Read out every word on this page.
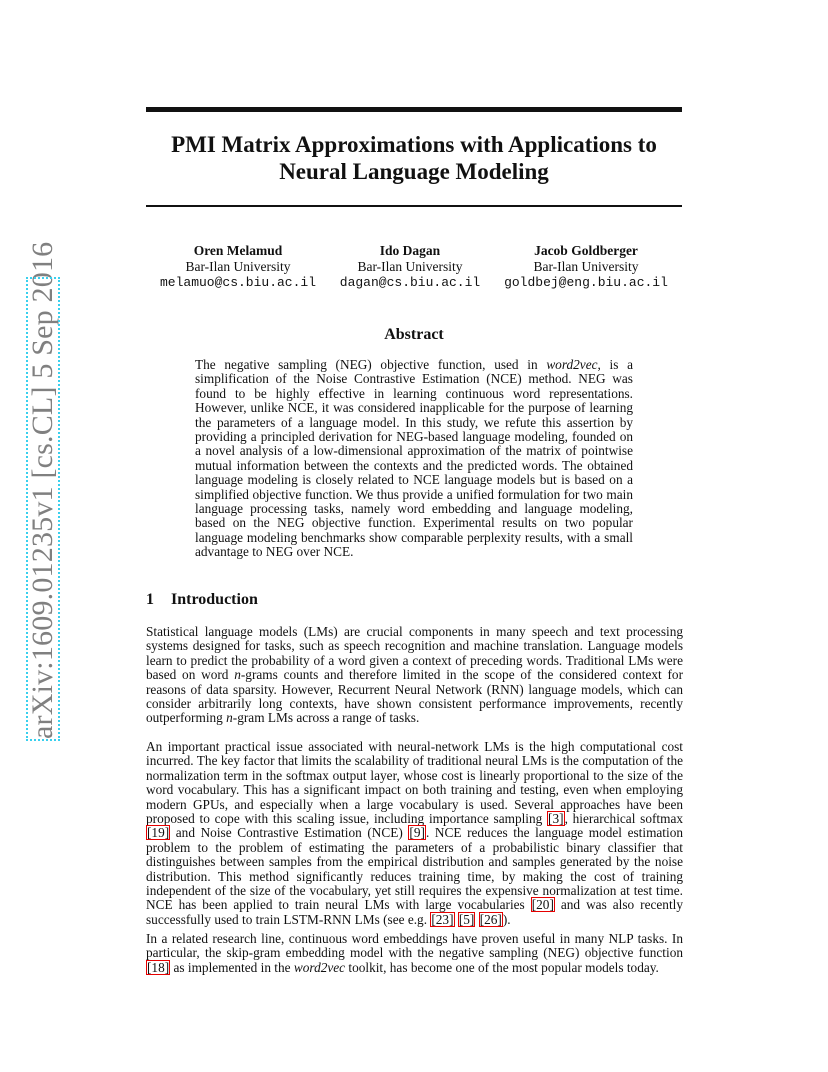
PMI Matrix Approximations with Applications to Neural Language Modeling
arXiv:1609.01235v1 [cs.CL] 5 Sep 2016	Oren Melamud
Bar-Ilan University
melamuo@cs.biu.ac.il
Ido Dagan
Bar-Ilan University
dagan@cs.biu.ac.il
Jacob Goldberger
Bar-Ilan University
goldbej@eng.biu.ac.il
Abstract
The negative sampling (NEG) objective function, used in word2vec, is a simplification of the Noise Contrastive Estimation (NCE) method. NEG was found to be highly effective in learning continuous word representations. However, unlike NCE, it was considered inapplicable for the purpose of learning the parameters of a language model. In this study, we refute this assertion by providing a principled derivation for NEG-based language modeling, founded on a novel analysis of a low-dimensional approximation of the matrix of pointwise mutual information between the contexts and the predicted words. The obtained language modeling is closely related to NCE language models but is based on a simplified objective function. We thus provide a unified formulation for two main language processing tasks, namely word embedding and language modeling, based on the NEG objective function. Experimental results on two popular language modeling benchmarks show comparable perplexity results, with a small advantage to NEG over NCE.
1 Introduction

Statistical language models (LMs) are crucial components in many speech and text processing systems designed for tasks, such as speech recognition and machine translation. Language models learn to predict the probability of a word given a context of preceding words. Traditional LMs were based on word n-grams counts and therefore limited in the scope of the considered context for reasons of data sparsity. However, Recurrent Neural Network (RNN) language models, which can consider arbitrarily long contexts, have shown consistent performance improvements, recently outperforming n-gram LMs across a range of tasks.

An important practical issue associated with neural-network LMs is the high computational cost incurred. The key factor that limits the scalability of traditional neural LMs is the computation of the normalization term in the softmax output layer, whose cost is linearly proportional to the size of the word vocabulary. This has a significant impact on both training and testing, even when employing modern GPUs, and especially when a large vocabulary is used. Several approaches have been proposed to cope with this scaling issue, including importance sampling [3], hierarchical softmax [19] and Noise Contrastive Estimation (NCE) [9]. NCE reduces the language model estimation problem to the problem of estimating the parameters of a probabilistic binary classifier that distinguishes between samples from the empirical distribution and samples generated by the noise distribution. This method significantly reduces training time, by making the cost of training independent of the size of the vocabulary, yet still requires the expensive normalization at test time. NCE has been applied to train neural LMs with large vocabularies [20] and was also recently successfully used to train LSTM-RNN LMs (see e.g. [23] [5] [26]).

In a related research line, continuous word embeddings have proven useful in many NLP tasks. In particular, the skip-gram embedding model with the negative sampling (NEG) objective function [18] as implemented in the word2vec toolkit, has become one of the most popular models today.
